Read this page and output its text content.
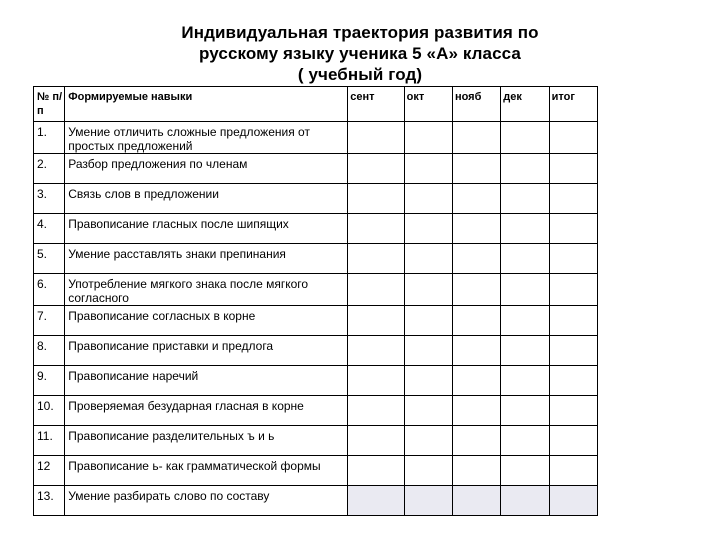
Индивидуальная траектория развития по
русскому языку ученика 5 «А» класса
( учебный год)
№ п/п	Формируемые навыки	сент	окт	нояб	дек	итог
1.	Умение отличить сложные предложения от простых предложений					
2.	Разбор предложения по членам					
3.	Связь слов в предложении					
4.	Правописание гласных после шипящих					
5.	Умение расставлять знаки препинания					
6.	Употребление мягкого знака после мягкого согласного					
7.	Правописание согласных в корне					
8.	Правописание приставки и предлога					
9.	Правописание наречий					
10.	Проверяемая безударная гласная в корне					
11.	Правописание разделительных ъ и ь					
12	Правописание ь- как грамматической формы					
13.	Умение разбирать слово по составу					
